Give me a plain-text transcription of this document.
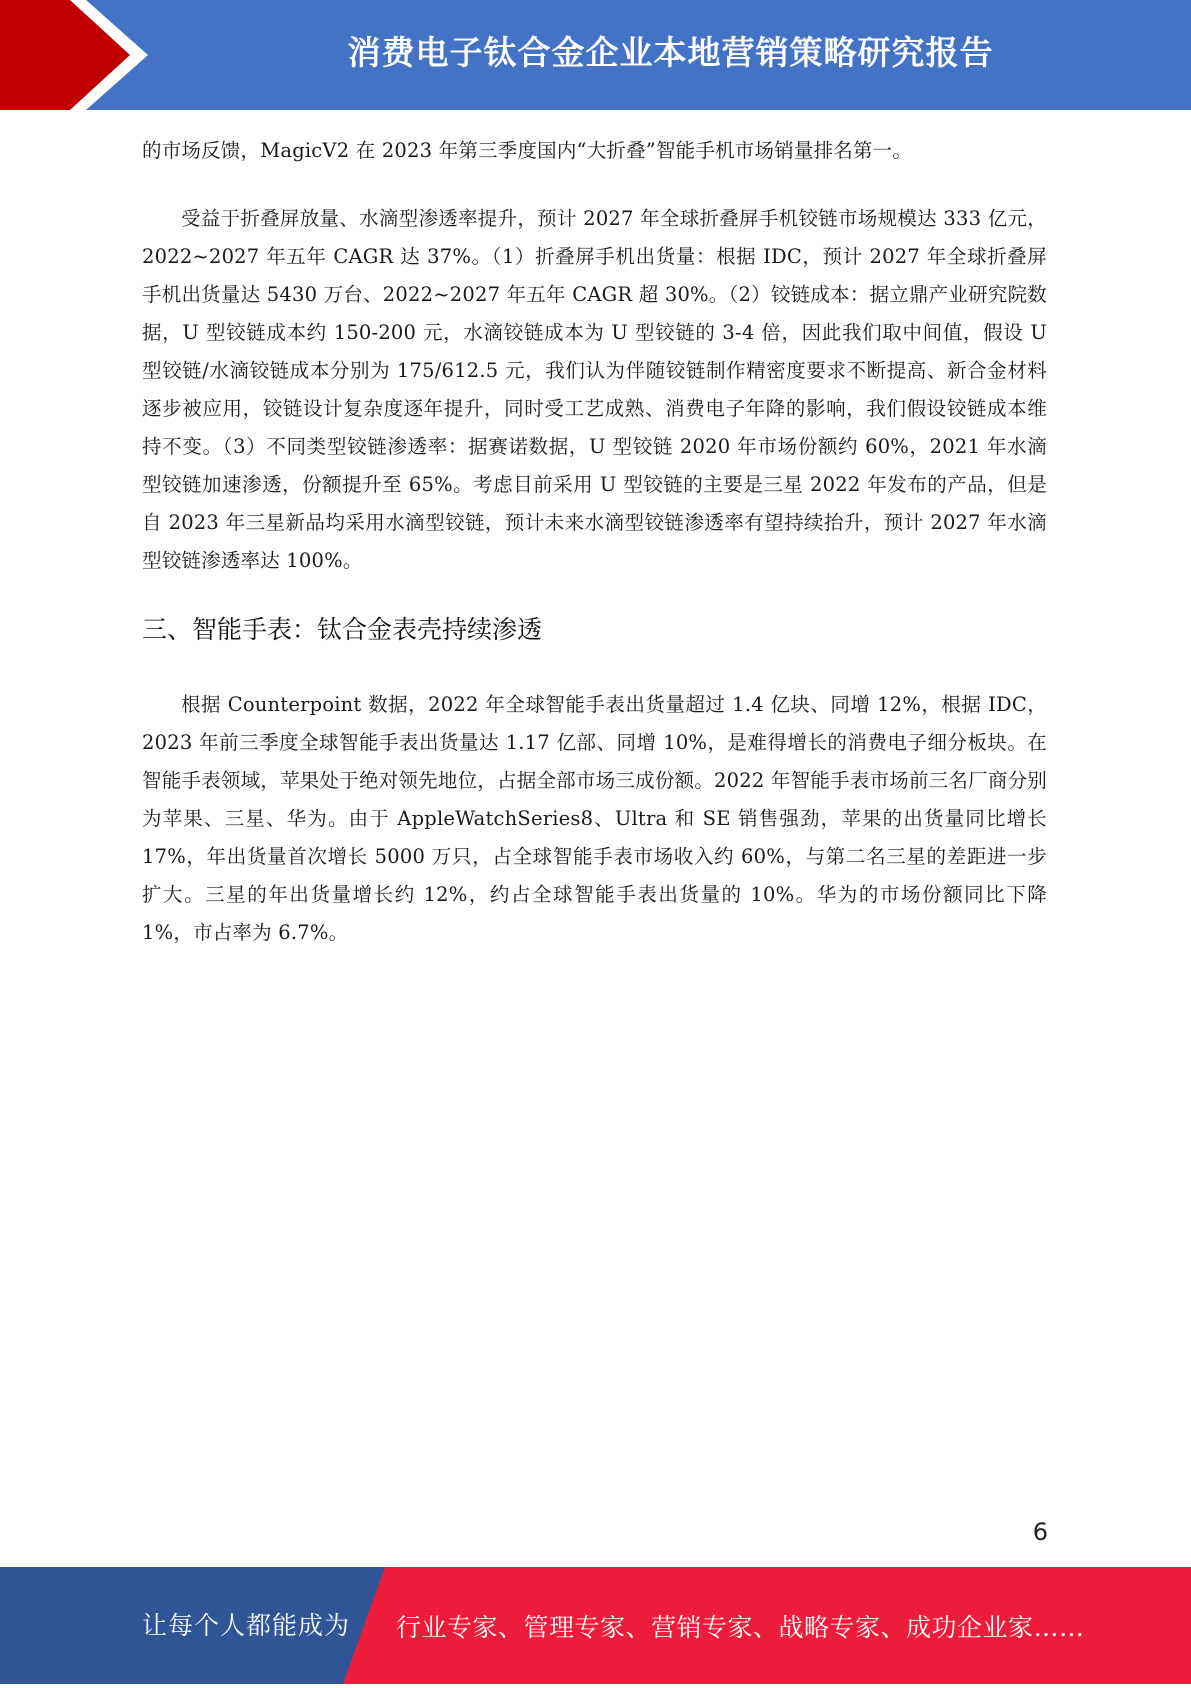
消费电子钛合金企业本地营销策略研究报告

的市场反馈，MagicV2 在 2023 年第三季度国内“大折叠”智能手机市场销量排名第一。

受益于折叠屏放量、水滴型渗透率提升，预计 2027 年全球折叠屏手机铰链市场规模达 333 亿元，2022~2027 年五年 CAGR 达 37%。（1）折叠屏手机出货量：根据 IDC，预计 2027 年全球折叠屏手机出货量达 5430 万台、2022~2027 年五年 CAGR 超 30%。（2）铰链成本：据立鼎产业研究院数据，U 型铰链成本约 150-200 元，水滴铰链成本为 U 型铰链的 3-4 倍，因此我们取中间值，假设 U 型铰链/水滴铰链成本分别为 175/612.5 元，我们认为伴随铰链制作精密度要求不断提高、新合金材料逐步被应用，铰链设计复杂度逐年提升，同时受工艺成熟、消费电子年降的影响，我们假设铰链成本维持不变。（3）不同类型铰链渗透率：据赛诺数据，U 型铰链 2020 年市场份额约 60%，2021 年水滴型铰链加速渗透，份额提升至 65%。考虑目前采用 U 型铰链的主要是三星 2022 年发布的产品，但是自 2023 年三星新品均采用水滴型铰链，预计未来水滴型铰链渗透率有望持续抬升，预计 2027 年水滴型铰链渗透率达 100%。

三、智能手表：钛合金表壳持续渗透

根据 Counterpoint 数据，2022 年全球智能手表出货量超过 1.4 亿块、同增 12%，根据 IDC，2023 年前三季度全球智能手表出货量达 1.17 亿部、同增 10%，是难得增长的消费电子细分板块。在智能手表领域，苹果处于绝对领先地位，占据全部市场三成份额。2022 年智能手表市场前三名厂商分别为苹果、三星、华为。由于 AppleWatchSeries8、Ultra 和 SE 销售强劲，苹果的出货量同比增长 17%，年出货量首次增长 5000 万只，占全球智能手表市场收入约 60%，与第二名三星的差距进一步扩大。三星的年出货量增长约 12%，约占全球智能手表出货量的 10%。华为的市场份额同比下降 1%，市占率为 6.7%。

6
让每个人都能成为 行业专家、管理专家、营销专家、战略专家、成功企业家……
